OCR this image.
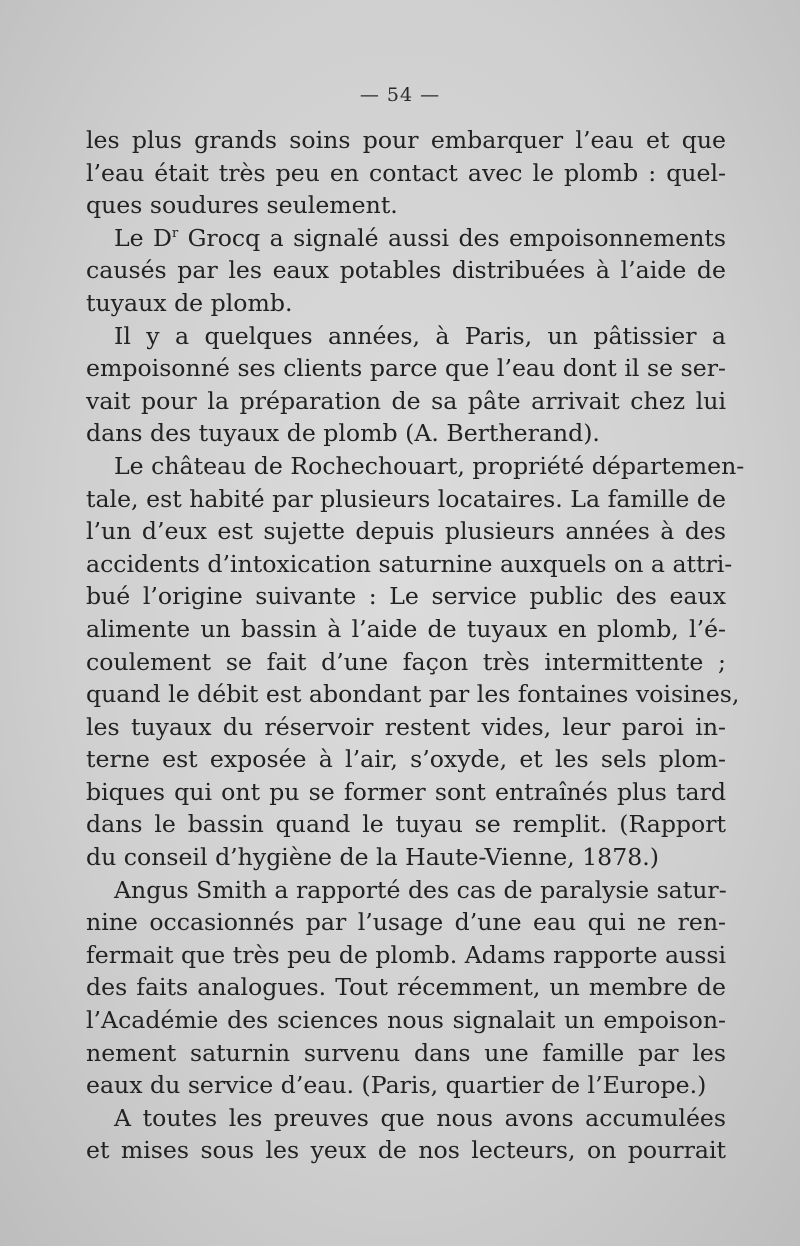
— 54 —
les plus grands soins pour embarquer l’eau et que
l’eau était très peu en contact avec le plomb : quel-
ques soudures seulement.
Le $D^r$ Grocq a signalé aussi des empoisonnements
causés par les eaux potables distribuées à l’aide de
tuyaux de plomb.
Il y a quelques années, à Paris, un pâtissier a
empoisonné ses clients parce que l’eau dont il se ser-
vait pour la préparation de sa pâte arrivait chez lui
dans des tuyaux de plomb (A. Bertherand).
Le château de Rochechouart, propriété départemen-
tale, est habité par plusieurs locataires. La famille de
l’un d’eux est sujette depuis plusieurs années à des
accidents d’intoxication saturnine auxquels on a attri-
bué l’origine suivante : Le service public des eaux
alimente un bassin à l’aide de tuyaux en plomb, l’é-
coulement se fait d’une façon très intermittente ;
quand le débit est abondant par les fontaines voisines,
les tuyaux du réservoir restent vides, leur paroi in-
terne est exposée à l’air, s’oxyde, et les sels plom-
biques qui ont pu se former sont entraînés plus tard
dans le bassin quand le tuyau se remplit. (Rapport
du conseil d’hygiène de la Haute-Vienne, 1878.)
Angus Smith a rapporté des cas de paralysie satur-
nine occasionnés par l’usage d’une eau qui ne ren-
fermait que très peu de plomb. Adams rapporte aussi
des faits analogues. Tout récemment, un membre de
l’Académie des sciences nous signalait un empoison-
nement saturnin survenu dans une famille par les
eaux du service d’eau. (Paris, quartier de l’Europe.)
A toutes les preuves que nous avons accumulées
et mises sous les yeux de nos lecteurs, on pourrait
